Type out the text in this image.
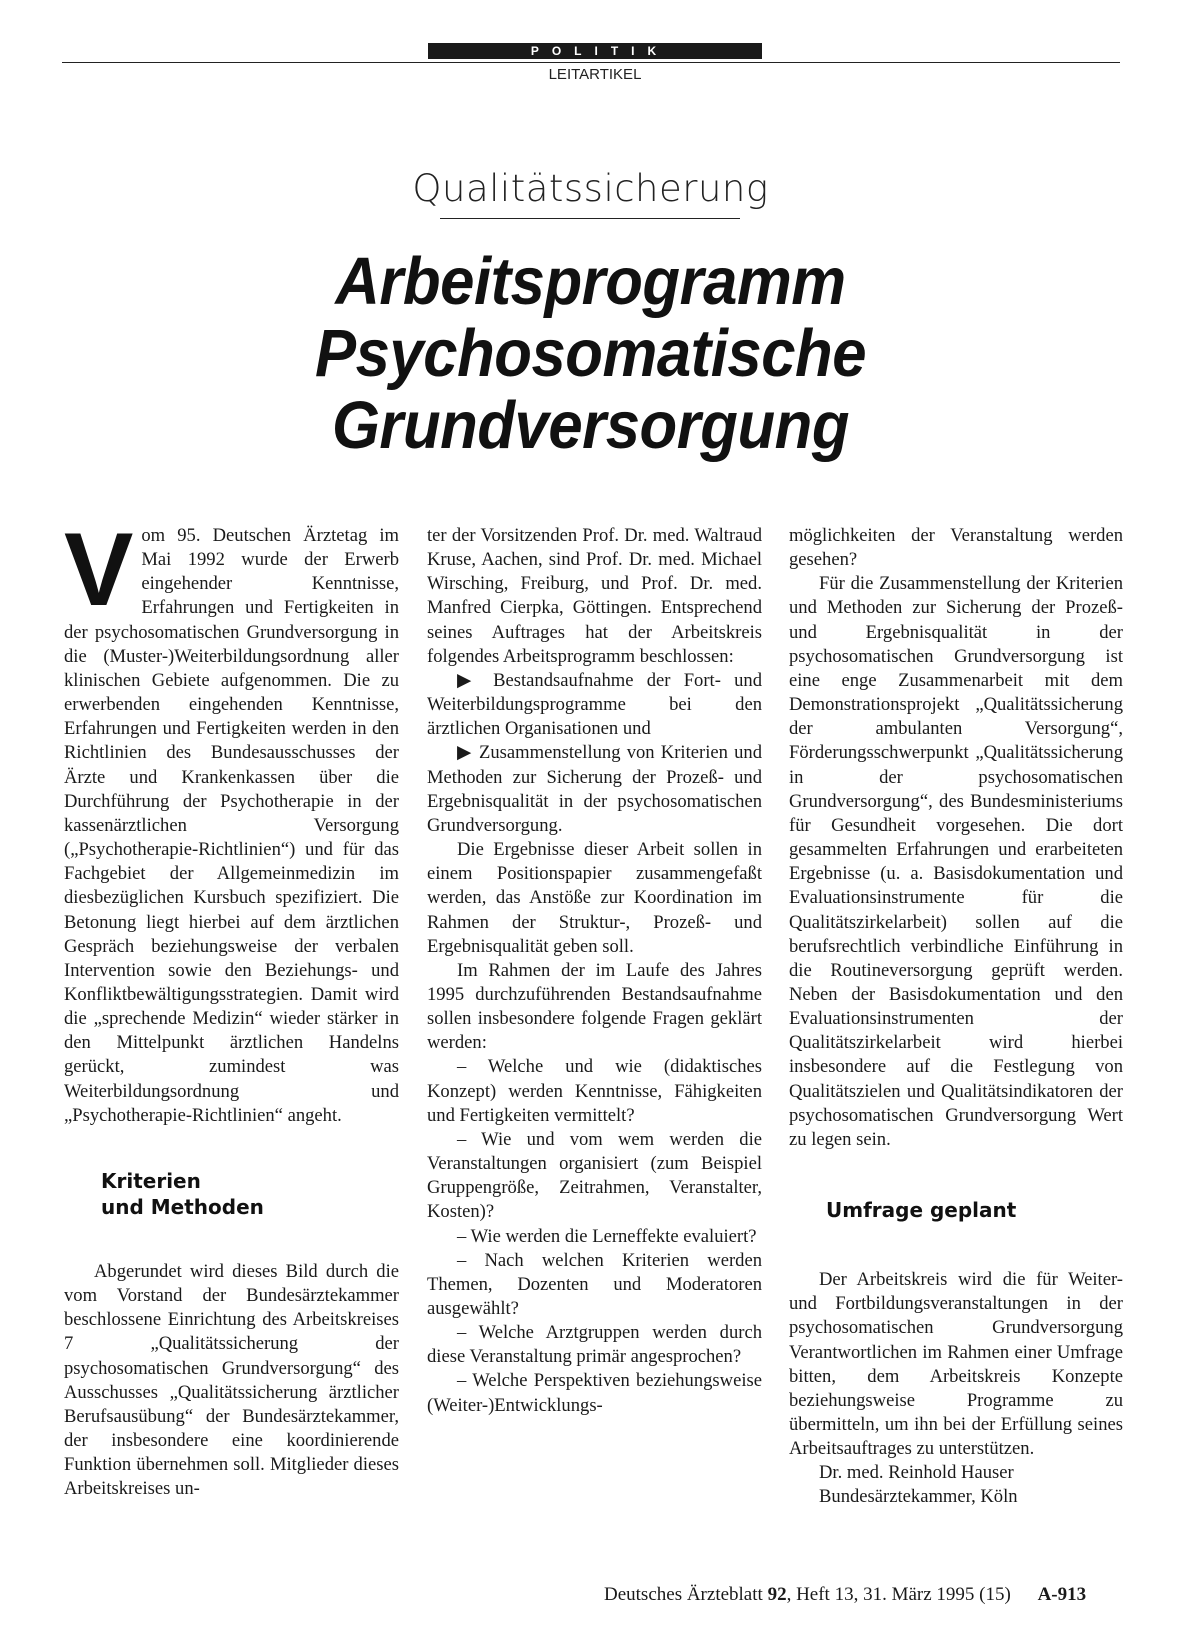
POLITIK
LEITARTIKEL
Qualitätssicherung
Arbeitsprogramm
Psychosomatische
Grundversorgung

Vom 95. Deutschen Ärztetag im Mai 1992 wurde der Erwerb eingehender Kenntnisse, Erfahrungen und Fertigkeiten in der psychosomatischen Grundversorgung in die (Muster-)Weiterbildungsordnung aller klinischen Gebiete aufgenommen. Die zu erwerbenden eingehenden Kenntnisse, Erfahrungen und Fertigkeiten werden in den Richtlinien des Bundesausschusses der Ärzte und Krankenkassen über die Durchführung der Psychotherapie in der kassenärztlichen Versorgung („Psychotherapie-Richtlinien“) und für das Fachgebiet der Allgemeinmedizin im diesbezüglichen Kursbuch spezifiziert. Die Betonung liegt hierbei auf dem ärztlichen Gespräch beziehungsweise der verbalen Intervention sowie den Beziehungs- und Konfliktbewältigungsstrategien. Damit wird die „sprechende Medizin“ wieder stärker in den Mittelpunkt ärztlichen Handelns gerückt, zumindest was Weiterbildungsordnung und „Psychotherapie-Richtlinien“ angeht.

Kriterien
und Methoden

Abgerundet wird dieses Bild durch die vom Vorstand der Bundesärztekammer beschlossene Einrichtung des Arbeitskreises 7 „Qualitätssicherung der psychosomatischen Grundversorgung“ des Ausschusses „Qualitätssicherung ärztlicher Berufsausübung“ der Bundesärztekammer, der insbesondere eine koordinierende Funktion übernehmen soll. Mitglieder dieses Arbeitskreises un-

ter der Vorsitzenden Prof. Dr. med. Waltraud Kruse, Aachen, sind Prof. Dr. med. Michael Wirsching, Freiburg, und Prof. Dr. med. Manfred Cierpka, Göttingen. Entsprechend seines Auftrages hat der Arbeitskreis folgendes Arbeitsprogramm beschlossen:

▶ Bestandsaufnahme der Fort- und Weiterbildungsprogramme bei den ärztlichen Organisationen und

▶ Zusammenstellung von Kriterien und Methoden zur Sicherung der Prozeß- und Ergebnisqualität in der psychosomatischen Grundversorgung.

Die Ergebnisse dieser Arbeit sollen in einem Positionspapier zusammengefaßt werden, das Anstöße zur Koordination im Rahmen der Struktur-, Prozeß- und Ergebnisqualität geben soll.

Im Rahmen der im Laufe des Jahres 1995 durchzuführenden Bestandsaufnahme sollen insbesondere folgende Fragen geklärt werden:

– Welche und wie (didaktisches Konzept) werden Kenntnisse, Fähigkeiten und Fertigkeiten vermittelt?

– Wie und vom wem werden die Veranstaltungen organisiert (zum Beispiel Gruppengröße, Zeitrahmen, Veranstalter, Kosten)?

– Wie werden die Lerneffekte evaluiert?

– Nach welchen Kriterien werden Themen, Dozenten und Moderatoren ausgewählt?

– Welche Arztgruppen werden durch diese Veranstaltung primär angesprochen?

– Welche Perspektiven beziehungsweise (Weiter-)Entwicklungs-

möglichkeiten der Veranstaltung werden gesehen?

Für die Zusammenstellung der Kriterien und Methoden zur Sicherung der Prozeß- und Ergebnisqualität in der psychosomatischen Grundversorgung ist eine enge Zusammenarbeit mit dem Demonstrationsprojekt „Qualitätssicherung der ambulanten Versorgung“, Förderungsschwerpunkt „Qualitätssicherung in der psychosomatischen Grundversorgung“, des Bundesministeriums für Gesundheit vorgesehen. Die dort gesammelten Erfahrungen und erarbeiteten Ergebnisse (u. a. Basisdokumentation und Evaluationsinstrumente für die Qualitätszirkelarbeit) sollen auf die berufsrechtlich verbindliche Einführung in die Routineversorgung geprüft werden. Neben der Basisdokumentation und den Evaluationsinstrumenten der Qualitätszirkelarbeit wird hierbei insbesondere auf die Festlegung von Qualitätszielen und Qualitätsindikatoren der psychosomatischen Grundversorgung Wert zu legen sein.

Umfrage geplant

Der Arbeitskreis wird die für Weiter- und Fortbildungsveranstaltungen in der psychosomatischen Grundversorgung Verantwortlichen im Rahmen einer Umfrage bitten, dem Arbeitskreis Konzepte beziehungsweise Programme zu übermitteln, um ihn bei der Erfüllung seines Arbeitsauftrages zu unterstützen.

Dr. med. Reinhold Hauser

Bundesärztekammer, Köln

Deutsches Ärzteblatt 92, Heft 13, 31. März 1995 (15) A-913
